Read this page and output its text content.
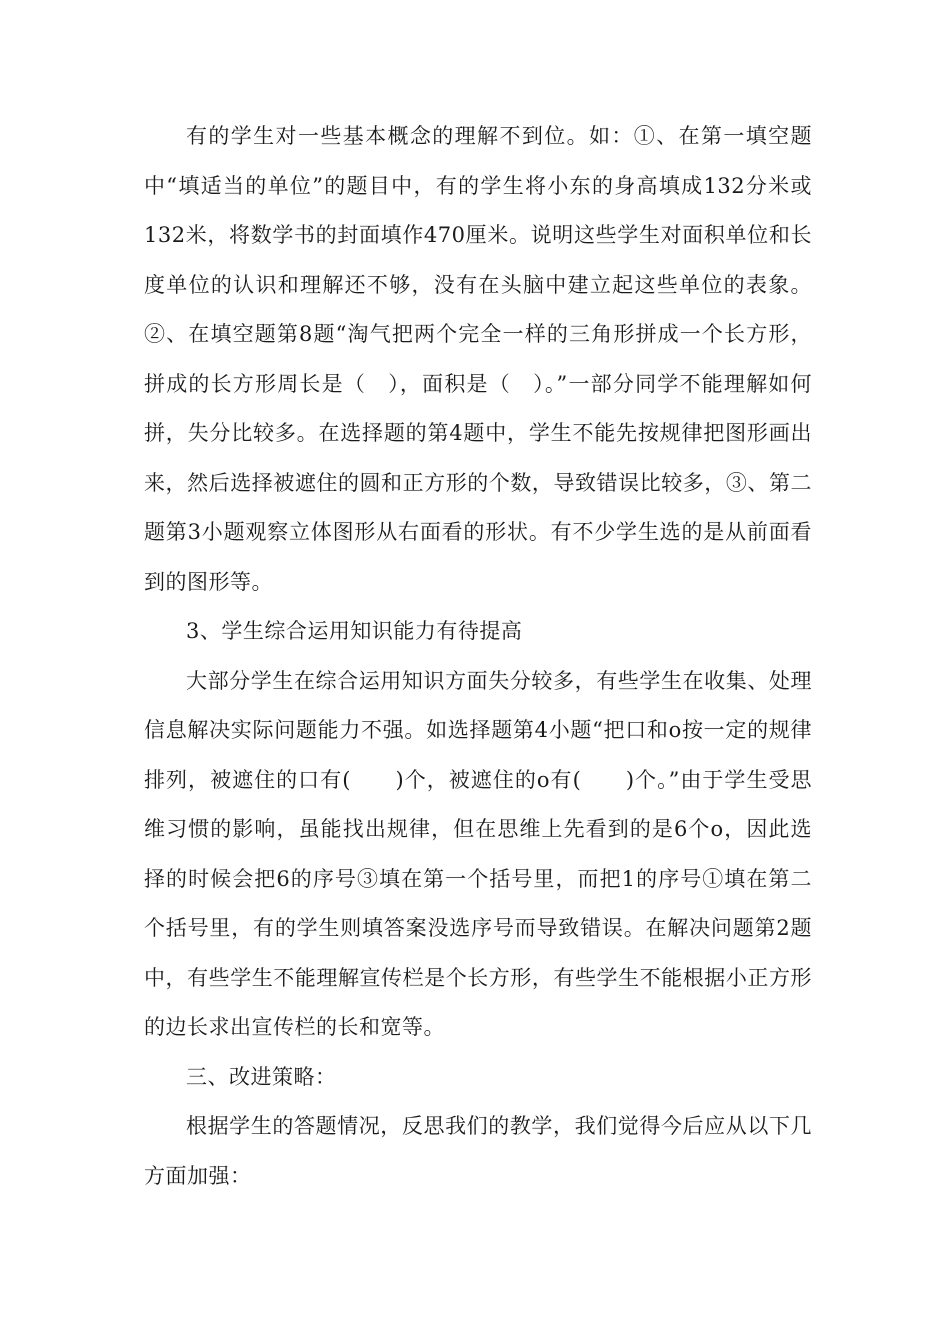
有的学生对一些基本概念的理解不到位。如：①、在第一填空题中“填适当的单位”的题目中，有的学生将小东的身高填成132分米或132米，将数学书的封面填作470厘米。说明这些学生对面积单位和长度单位的认识和理解还不够，没有在头脑中建立起这些单位的表象。②、在填空题第8题“淘气把两个完全一样的三角形拼成一个长方形，拼成的长方形周长是（　），面积是（　）。”一部分同学不能理解如何拼，失分比较多。在选择题的第4题中，学生不能先按规律把图形画出来，然后选择被遮住的圆和正方形的个数，导致错误比较多，③、第二题第3小题观察立体图形从右面看的形状。有不少学生选的是从前面看到的图形等。

3、学生综合运用知识能力有待提高

大部分学生在综合运用知识方面失分较多，有些学生在收集、处理信息解决实际问题能力不强。如选择题第4小题“把口和o按一定的规律排列，被遮住的口有(　　)个，被遮住的o有(　　)个。”由于学生受思维习惯的影响，虽能找出规律，但在思维上先看到的是6个o，因此选择的时候会把6的序号③填在第一个括号里，而把1的序号①填在第二个括号里，有的学生则填答案没选序号而导致错误。在解决问题第2题中，有些学生不能理解宣传栏是个长方形，有些学生不能根据小正方形的边长求出宣传栏的长和宽等。

三、改进策略：

根据学生的答题情况，反思我们的教学，我们觉得今后应从以下几方面加强：
